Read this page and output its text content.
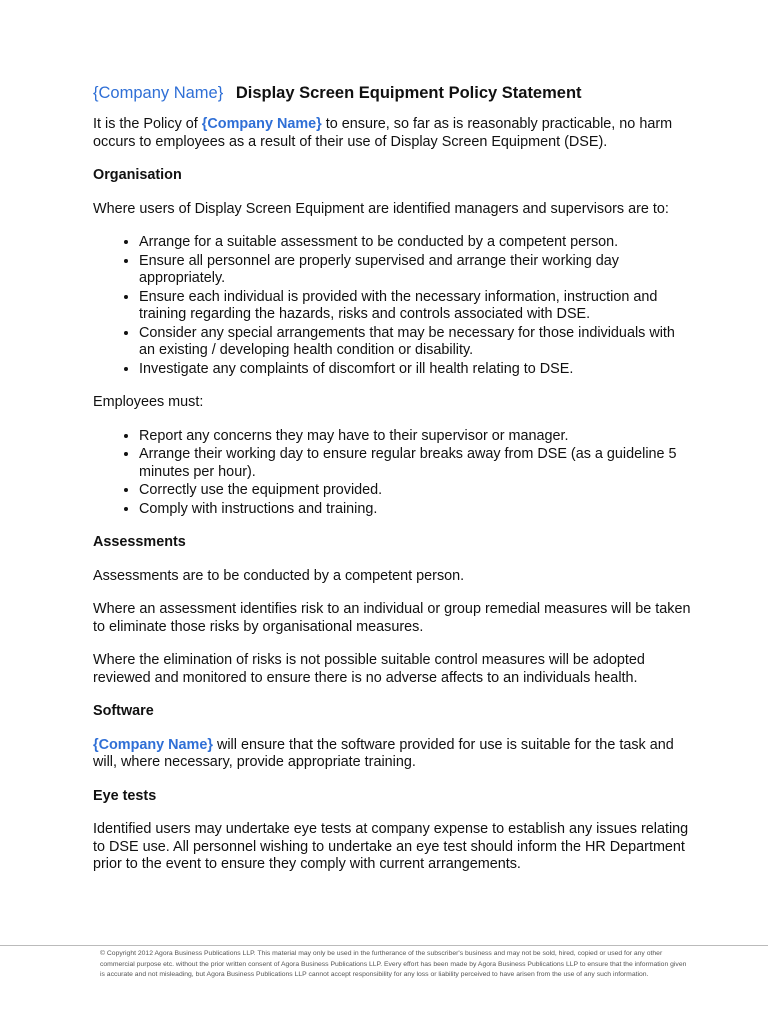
{Company Name} Display Screen Equipment Policy Statement

It is the Policy of {Company Name} to ensure, so far as is reasonably practicable, no harm occurs to employees as a result of their use of Display Screen Equipment (DSE).

Organisation

Where users of Display Screen Equipment are identified managers and supervisors are to:

• Arrange for a suitable assessment to be conducted by a competent person.
• Ensure all personnel are properly supervised and arrange their working day appropriately.
• Ensure each individual is provided with the necessary information, instruction and training regarding the hazards, risks and controls associated with DSE.
• Consider any special arrangements that may be necessary for those individuals with an existing / developing health condition or disability.
• Investigate any complaints of discomfort or ill health relating to DSE.

Employees must:

• Report any concerns they may have to their supervisor or manager.
• Arrange their working day to ensure regular breaks away from DSE (as a guideline 5 minutes per hour).
• Correctly use the equipment provided.
• Comply with instructions and training.
Assessments

Assessments are to be conducted by a competent person.

Where an assessment identifies risk to an individual or group remedial measures will be taken to eliminate those risks by organisational measures.

Where the elimination of risks is not possible suitable control measures will be adopted reviewed and monitored to ensure there is no adverse affects to an individuals health.

Software

{Company Name} will ensure that the software provided for use is suitable for the task and will, where necessary, provide appropriate training.

Eye tests

Identified users may undertake eye tests at company expense to establish any issues relating to DSE use. All personnel wishing to undertake an eye test should inform the HR Department prior to the event to ensure they comply with current arrangements.

© Copyright 2012 Agora Business Publications LLP. This material may only be used in the furtherance of the subscriber's business and may not be sold, hired, copied or used for any other commercial purpose etc. without the prior written consent of Agora Business Publications LLP. Every effort has been made by Agora Business Publications LLP to ensure that the information given is accurate and not misleading, but Agora Business Publications LLP cannot accept responsibility for any loss or liability perceived to have arisen from the use of any such information.
